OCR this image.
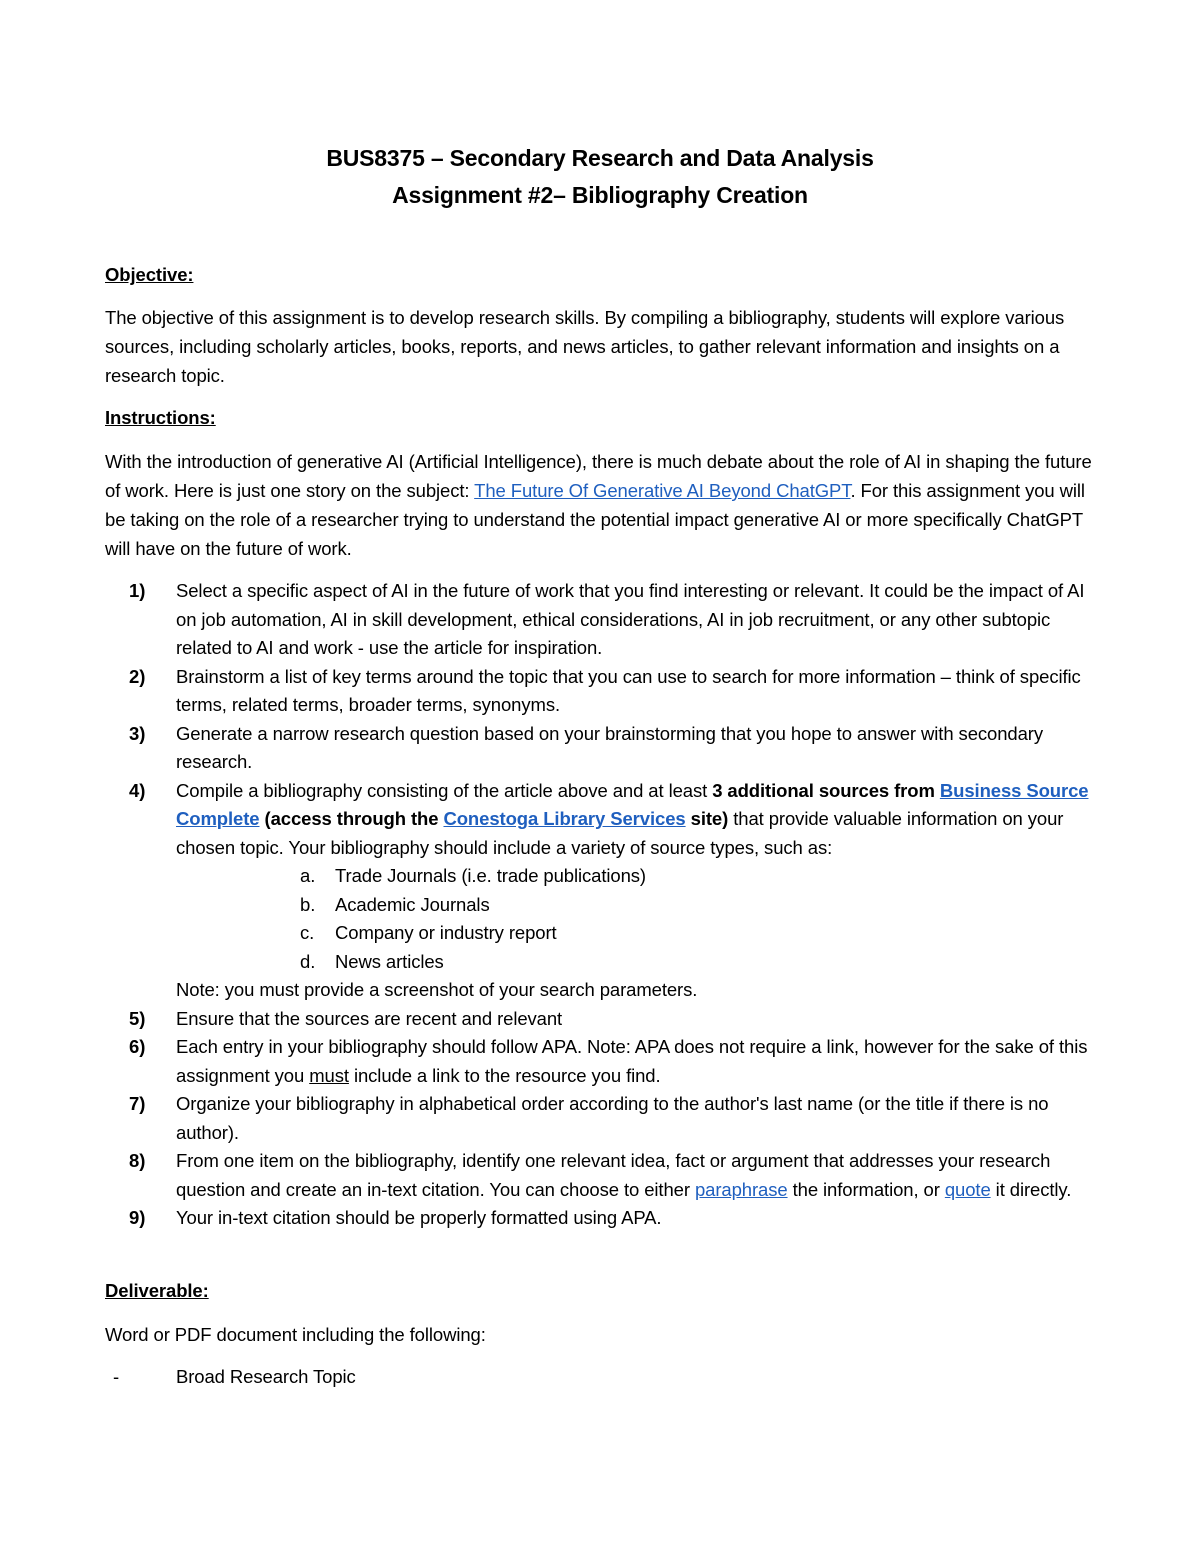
BUS8375 – Secondary Research and Data Analysis
Assignment #2– Bibliography Creation
Objective:
The objective of this assignment is to develop research skills. By compiling a bibliography, students will explore various sources, including scholarly articles, books, reports, and news articles, to gather relevant information and insights on a research topic.
Instructions:
With the introduction of generative AI (Artificial Intelligence), there is much debate about the role of AI in shaping the future of work. Here is just one story on the subject: The Future Of Generative AI Beyond ChatGPT. For this assignment you will be taking on the role of a researcher trying to understand the potential impact generative AI or more specifically ChatGPT will have on the future of work.
1) Select a specific aspect of AI in the future of work that you find interesting or relevant. It could be the impact of AI on job automation, AI in skill development, ethical considerations, AI in job recruitment, or any other subtopic related to AI and work - use the article for inspiration.
2) Brainstorm a list of key terms around the topic that you can use to search for more information – think of specific terms, related terms, broader terms, synonyms.
3) Generate a narrow research question based on your brainstorming that you hope to answer with secondary research.
4) Compile a bibliography consisting of the article above and at least 3 additional sources from Business Source Complete (access through the Conestoga Library Services site) that provide valuable information on your chosen topic. Your bibliography should include a variety of source types, such as:
a. Trade Journals (i.e. trade publications)
b. Academic Journals
c. Company or industry report
d. News articles
Note: you must provide a screenshot of your search parameters.
5) Ensure that the sources are recent and relevant
6) Each entry in your bibliography should follow APA. Note: APA does not require a link, however for the sake of this assignment you must include a link to the resource you find.
7) Organize your bibliography in alphabetical order according to the author's last name (or the title if there is no author).
8) From one item on the bibliography, identify one relevant idea, fact or argument that addresses your research question and create an in-text citation. You can choose to either paraphrase the information, or quote it directly.
9) Your in-text citation should be properly formatted using APA.
Deliverable:
Word or PDF document including the following:
-	Broad Research Topic
